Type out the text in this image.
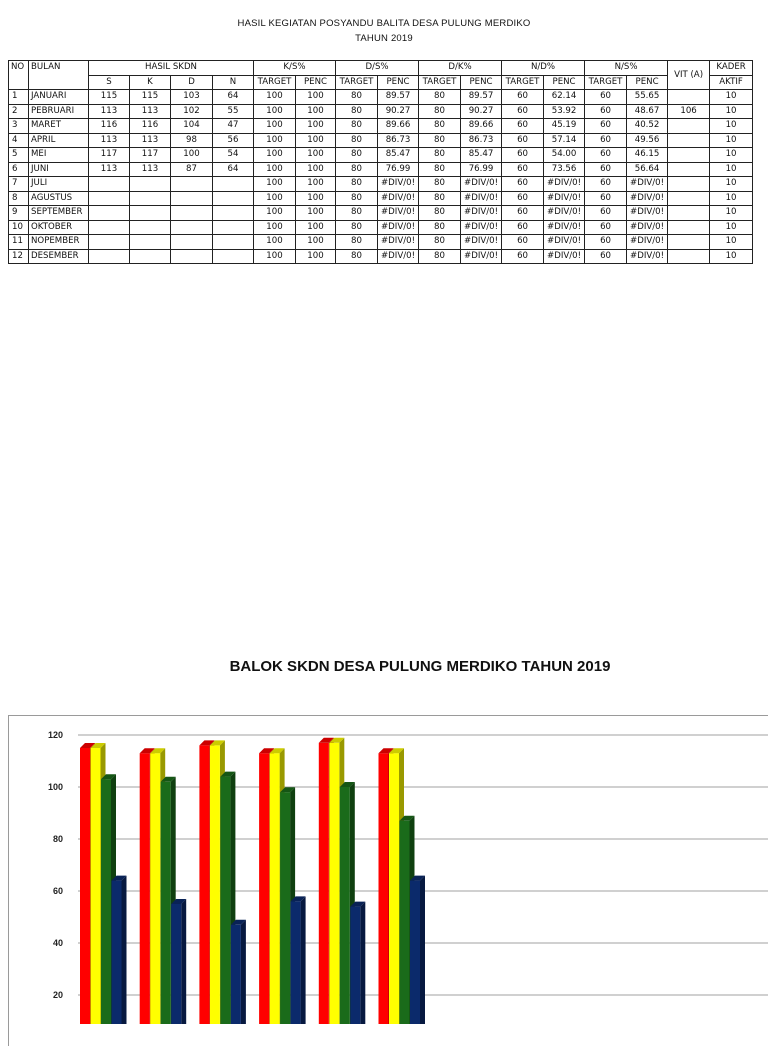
HASIL KEGIATAN POSYANDU BALITA DESA PULUNG MERDIKO
TAHUN 2019
NO	BULAN	HASIL SKDN				K/S%		D/S%		D/K%		N/D%		N/S%		VIT (A)	KADER
		S	K	D	N	TARGET	PENC	TARGET	PENC	TARGET	PENC	TARGET	PENC	TARGET	PENC		AKTIF
1	JANUARI	115	115	103	64	100	100	80	89.57	80	89.57	60	62.14	60	55.65		10
2	PEBRUARI	113	113	102	55	100	100	80	90.27	80	90.27	60	53.92	60	48.67	106	10
3	MARET	116	116	104	47	100	100	80	89.66	80	89.66	60	45.19	60	40.52		10
4	APRIL	113	113	98	56	100	100	80	86.73	80	86.73	60	57.14	60	49.56		10
5	MEI	117	117	100	54	100	100	80	85.47	80	85.47	60	54.00	60	46.15		10
6	JUNI	113	113	87	64	100	100	80	76.99	80	76.99	60	73.56	60	56.64		10
7	JULI					100	100	80	#DIV/0!	80	#DIV/0!	60	#DIV/0!	60	#DIV/0!		10
8	AGUSTUS					100	100	80	#DIV/0!	80	#DIV/0!	60	#DIV/0!	60	#DIV/0!		10
9	SEPTEMBER					100	100	80	#DIV/0!	80	#DIV/0!	60	#DIV/0!	60	#DIV/0!		10
10	OKTOBER					100	100	80	#DIV/0!	80	#DIV/0!	60	#DIV/0!	60	#DIV/0!		10
11	NOPEMBER					100	100	80	#DIV/0!	80	#DIV/0!	60	#DIV/0!	60	#DIV/0!		10
12	DESEMBER					100	100	80	#DIV/0!	80	#DIV/0!	60	#DIV/0!	60	#DIV/0!		10
BALOK SKDN DESA PULUNG MERDIKO TAHUN 2019
20
40
60
80
100
120
